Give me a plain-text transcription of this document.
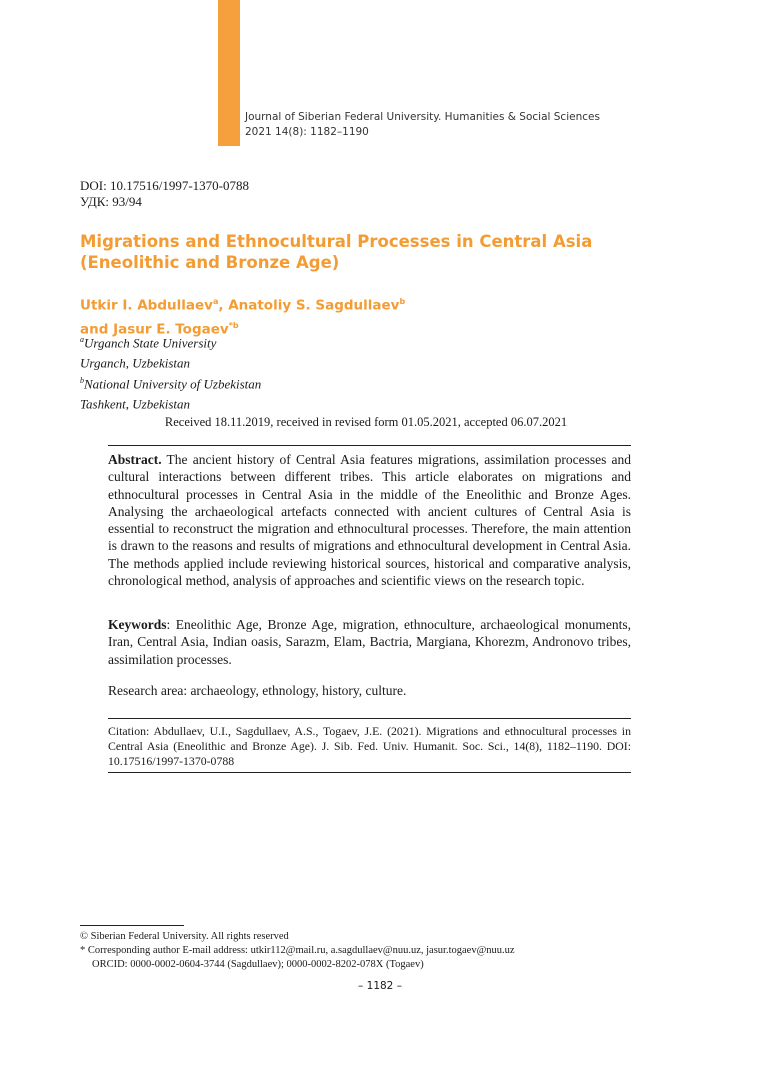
Journal of Siberian Federal University. Humanities & Social Sciences
2021 14(8): 1182–1190
DOI: 10.17516/1997-1370-0788
УДК: 93/94
Migrations and Ethnocultural Processes in Central Asia
(Eneolithic and Bronze Age)
Utkir I. Abdullaev$^a$, Anatoliy S. Sagdullaev$^b$
and Jasur E. Togaev$^{*b}$
$^a$Urganch State University
Urganch, Uzbekistan
$^b$National University of Uzbekistan
Tashkent, Uzbekistan
Received 18.11.2019, received in revised form 01.05.2021, accepted 06.07.2021
Abstract. The ancient history of Central Asia features migrations, assimilation processes and cultural interactions between different tribes. This article elaborates on migrations and ethnocultural processes in Central Asia in the middle of the Eneolithic and Bronze Ages. Analysing the archaeological artefacts connected with ancient cultures of Central Asia is essential to reconstruct the migration and ethnocultural processes. Therefore, the main attention is drawn to the reasons and results of migrations and ethnocultural development in Central Asia. The methods applied include reviewing historical sources, historical and comparative analysis, chronological method, analysis of approaches and scientific views on the research topic.
Keywords: Eneolithic Age, Bronze Age, migration, ethnoculture, archaeological monuments, Iran, Central Asia, Indian oasis, Sarazm, Elam, Bactria, Margiana, Khorezm, Andronovo tribes, assimilation processes.
Research area: archaeology, ethnology, history, culture.
Citation: Abdullaev, U.I., Sagdullaev, A.S., Togaev, J.E. (2021). Migrations and ethnocultural processes in Central Asia (Eneolithic and Bronze Age). J. Sib. Fed. Univ. Humanit. Soc. Sci., 14(8), 1182–1190. DOI: 10.17516/1997-1370-0788
© Siberian Federal University. All rights reserved
* Corresponding author E-mail address: utkir112@mail.ru, a.sagdullaev@nuu.uz, jasur.togaev@nuu.uz
ORCID: 0000-0002-0604-3744 (Sagdullaev); 0000-0002-8202-078X (Togaev)
– 1182 –
